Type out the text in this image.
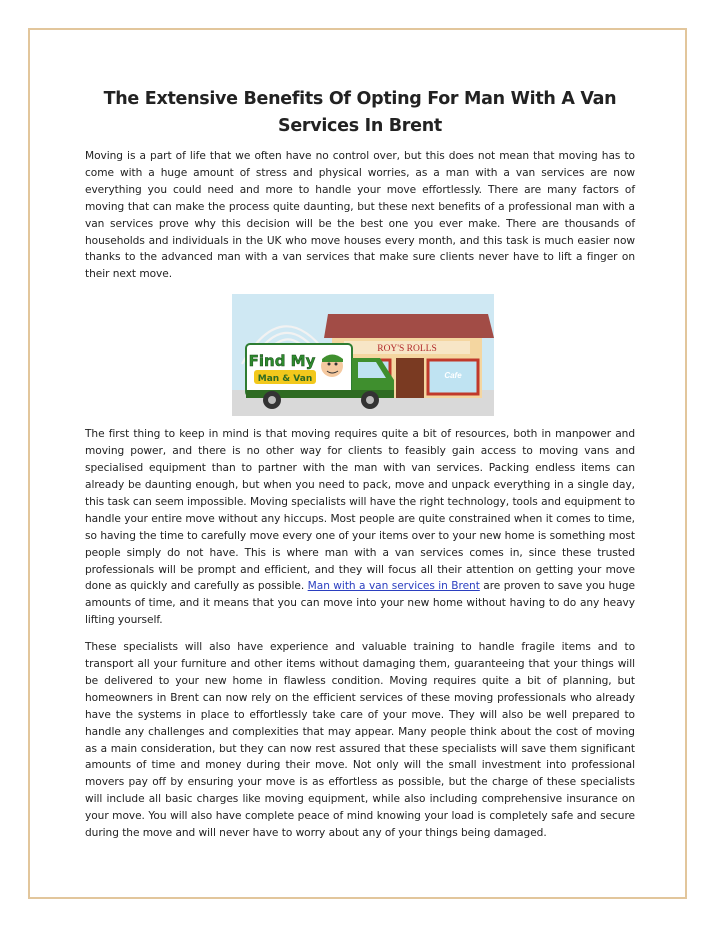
The Extensive Benefits Of Opting For Man With A Van Services In Brent

Moving is a part of life that we often have no control over, but this does not mean that moving has to come with a huge amount of stress and physical worries, as a man with a van services are now everything you could need and more to handle your move effortlessly. There are many factors of moving that can make the process quite daunting, but these next benefits of a professional man with a van services prove why this decision will be the best one you ever make. There are thousands of households and individuals in the UK who move houses every month, and this task is much easier now thanks to the advanced man with a van services that make sure clients never have to lift a finger on their next move.

ROY'S ROLLS
Cafe
Find My
Man & Van

The first thing to keep in mind is that moving requires quite a bit of resources, both in manpower and moving power, and there is no other way for clients to feasibly gain access to moving vans and specialised equipment than to partner with the man with van services. Packing endless items can already be daunting enough, but when you need to pack, move and unpack everything in a single day, this task can seem impossible. Moving specialists will have the right technology, tools and equipment to handle your entire move without any hiccups. Most people are quite constrained when it comes to time, so having the time to carefully move every one of your items over to your new home is something most people simply do not have. This is where man with a van services comes in, since these trusted professionals will be prompt and efficient, and they will focus all their attention on getting your move done as quickly and carefully as possible. Man with a van services in Brent are proven to save you huge amounts of time, and it means that you can move into your new home without having to do any heavy lifting yourself.

These specialists will also have experience and valuable training to handle fragile items and to transport all your furniture and other items without damaging them, guaranteeing that your things will be delivered to your new home in flawless condition. Moving requires quite a bit of planning, but homeowners in Brent can now rely on the efficient services of these moving professionals who already have the systems in place to effortlessly take care of your move. They will also be well prepared to handle any challenges and complexities that may appear. Many people think about the cost of moving as a main consideration, but they can now rest assured that these specialists will save them significant amounts of time and money during their move. Not only will the small investment into professional movers pay off by ensuring your move is as effortless as possible, but the charge of these specialists will include all basic charges like moving equipment, while also including comprehensive insurance on your move. You will also have complete peace of mind knowing your load is completely safe and secure during the move and will never have to worry about any of your things being damaged.
